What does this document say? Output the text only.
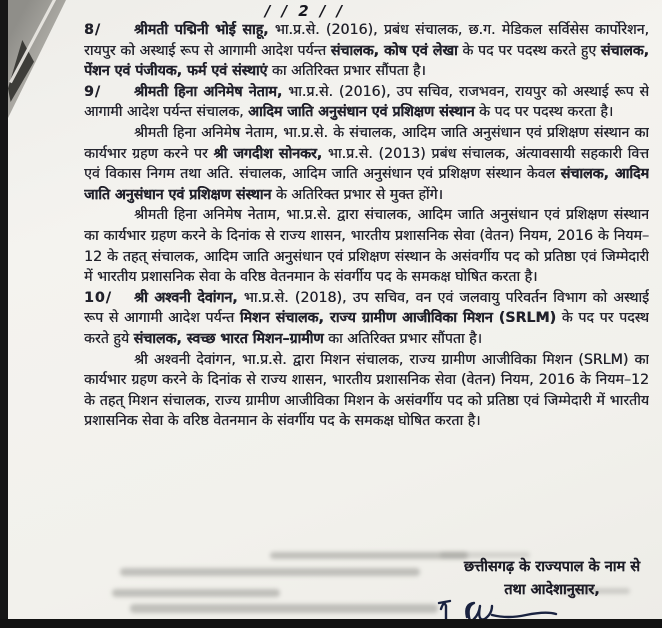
/ / 2 / /

8/ श्रीमती पद्मिनी भोई साहू, भा.प्र.से. (2016), प्रबंध संचालक, छ.ग. मेडिकल सर्विसेस कार्पोरेशन, रायपुर को अस्थाई रूप से आगामी आदेश पर्यन्त संचालक, कोष एवं लेखा के पद पर पदस्थ करते हुए संचालक, पेंशन एवं पंजीयक, फर्म एवं संस्थाएं का अतिरिक्त प्रभार सौंपता है।

9/ श्रीमती हिना अनिमेष नेताम, भा.प्र.से. (2016), उप सचिव, राजभवन, रायपुर को अस्थाई रूप से आगामी आदेश पर्यन्त संचालक, आदिम जाति अनुसंधान एवं प्रशिक्षण संस्थान के पद पर पदस्थ करता है।

श्रीमती हिना अनिमेष नेताम, भा.प्र.से. के संचालक, आदिम जाति अनुसंधान एवं प्रशिक्षण संस्थान का कार्यभार ग्रहण करने पर श्री जगदीश सोनकर, भा.प्र.से. (2013) प्रबंध संचालक, अंत्यावसायी सहकारी वित्त एवं विकास निगम तथा अति. संचालक, आदिम जाति अनुसंधान एवं प्रशिक्षण संस्थान केवल संचालक, आदिम जाति अनुसंधान एवं प्रशिक्षण संस्थान के अतिरिक्त प्रभार से मुक्त होंगे।

श्रीमती हिना अनिमेष नेताम, भा.प्र.से. द्वारा संचालक, आदिम जाति अनुसंधान एवं प्रशिक्षण संस्थान का कार्यभार ग्रहण करने के दिनांक से राज्य शासन, भारतीय प्रशासनिक सेवा (वेतन) नियम, 2016 के नियम–12 के तहत् संचालक, आदिम जाति अनुसंधान एवं प्रशिक्षण संस्थान के असंवर्गीय पद को प्रतिष्ठा एवं जिम्मेदारी में भारतीय प्रशासनिक सेवा के वरिष्ठ वेतनमान के संवर्गीय पद के समकक्ष घोषित करता है।

10/ श्री अश्वनी देवांगन, भा.प्र.से. (2018), उप सचिव, वन एवं जलवायु परिवर्तन विभाग को अस्थाई रूप से आगामी आदेश पर्यन्त मिशन संचालक, राज्य ग्रामीण आजीविका मिशन (SRLM) के पद पर पदस्थ करते हुये संचालक, स्वच्छ भारत मिशन–ग्रामीण का अतिरिक्त प्रभार सौंपता है।

श्री अश्वनी देवांगन, भा.प्र.से. द्वारा मिशन संचालक, राज्य ग्रामीण आजीविका मिशन (SRLM) का कार्यभार ग्रहण करने के दिनांक से राज्य शासन, भारतीय प्रशासनिक सेवा (वेतन) नियम, 2016 के नियम–12 के तहत् मिशन संचालक, राज्य ग्रामीण आजीविका मिशन के असंवर्गीय पद को प्रतिष्ठा एवं जिम्मेदारी में भारतीय प्रशासनिक सेवा के वरिष्ठ वेतनमान के संवर्गीय पद के समकक्ष घोषित करता है।

छत्तीसगढ़ के राज्यपाल के नाम से
तथा आदेशानुसार,
